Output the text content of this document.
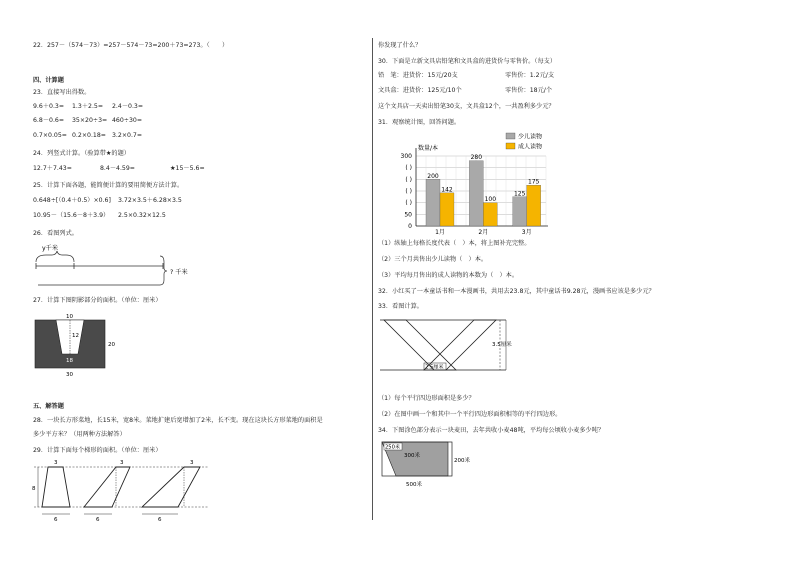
22．257－（574－73）=257－574－73=200＋73=273。（　　）
四、计算题
23．直接写出得数。
9.6＋0.3= 1.3＋2.5= 2.4－0.3=
6.8－0.6= 35×20÷3= 460÷30=
0.7×0.05= 0.2×0.18= 3.2×0.7=
24．列竖式计算。（验算带★的题）
12.7＋7.43=	8.4－4.59=	★15－5.6=
25．计算下面各题，能简便计算的要用简便方法计算。
0.648÷[（0.4＋0.5）×0.6] 3.72×3.5＋6.28×3.5
10.95－（15.6－8＋3.9） 2.5×0.32×12.5
26．看图列式。
y千米
? 千米
27．计算下图阴影部分的面积。（单位：厘米）
10
12
18
20
30
五、解答题
28．一块长方形菜地，长15米，宽8米。菜地扩建后宽增加了2米，长不变。现在这块长方形菜地的面积是
多少平方米？（用两种方法解答）
29．计算下面每个梯形的面积。（单位：厘米）
8
3
6
3
6
3
6
你发现了什么？
30．下面是立新文具店铅笔和文具盒的进货价与零售价。（每支）
铅　笔：进货价：15元/20支	零售价：1.2元/支
文具盒：进货价：125元/10个	零售价：18元/个
这个文具店一天卖出铅笔30支，文具盒12个，一共盈利多少元？
31．观察统计图，回答问题。
300
( )
( )
( )
( )
50
0
数量/本
少儿读物
成人读物
200
142
1月
280
100
2月
125
175
3月
（1）纵轴上每格长度代表（　）本，将上图补充完整。
（2）三个月共售出少儿读物（　）本。
（3）平均每月售出的成人读物的本数为（　）本。
32．小红买了一本童话书和一本漫画书，共用去23.8元，其中童话书9.28元，漫画书应该是多少元？
33．看图计算。
3.5厘米
2.5厘米
（1）每个平行四边形面积是多少？
（2）在图中画一个和其中一个平行四边形面积相等的平行四边形。
34．下图涂色部分表示一块麦田，去年共收小麦48吨，平均每公顷收小麦多少吨？
250米
300米
200米
500米
